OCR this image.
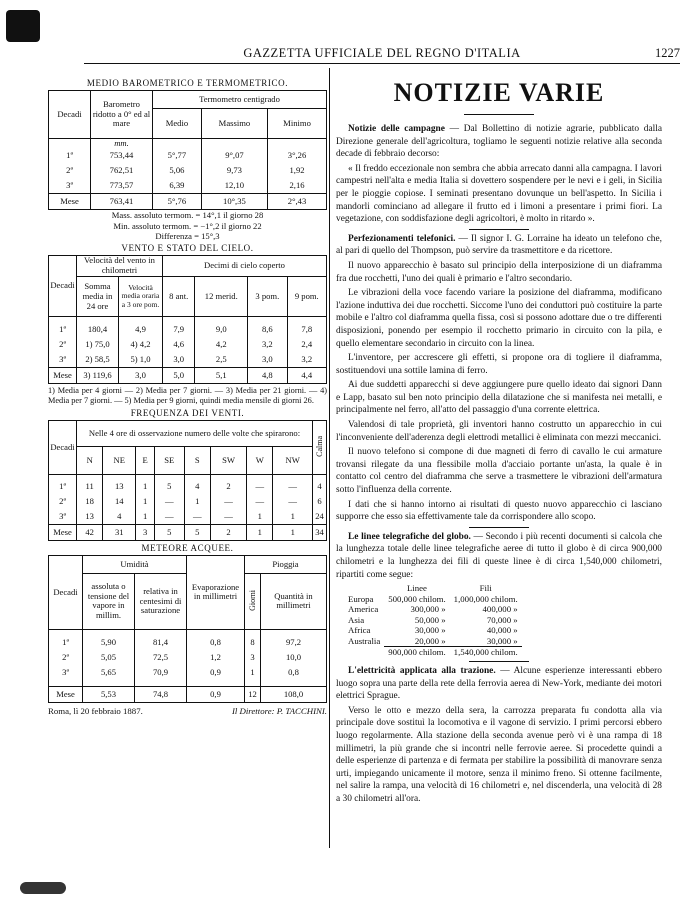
GAZZETTA UFFICIALE DEL REGNO D'ITALIA	1227
MEDIO BAROMETRICO E TERMOMETRICO.
Decadi	Barometro ridotto a 0° ed al mare	Termometro centigrado		
		Medio	Massimo	Minimo
	mm.			
1ª	753,44	5°,77	9°,07	3°,26
2ª	762,51	5,06	9,73	1,92
3ª	773,57	6,39	12,10	2,16
Mese	763,41	5°,76	10°,35	2°,43
Mass. assoluto termom. = 14°,1 il giorno 28
Min. assoluto termom. = −1°,2 il giorno 22
Differenza = 15°,3
VENTO E STATO DEL CIELO.
Decadi	Velocità del vento in chilometri		Decimi di cielo coperto			
	Somma media in 24 ore	Velocità media oraria a 3 ore pom.	8 ant.	12 merid.	3 pom.	9 pom.

1ª	180,4	4,9	7,9	9,0	8,6	7,8
2ª	1) 75,0	4) 4,2	4,6	4,2	3,2	2,4
3ª	2) 58,5	5) 1,0	3,0	2,5	3,0	3,2
Mese	3) 119,6	3,0	5,0	5,1	4,8	4,4
1) Media per 4 giorni — 2) Media per 7 giorni. — 3) Media per 21 giorni. — 4) Media per 7 giorni. — 5) Media per 9 giorni, quindi media mensile di giorni 26.
FREQUENZA DEI VENTI.
Decadi	Nelle 4 ore di osservazione numero delle volte che spirarono:								Calma
	N	NE	E	SE	S	SW	W	NW	

1ª	11	13	1	5	4	2	—	—	4
2ª	18	14	1	—	1	—	—	—	6
3ª	13	4	1	—	—	—	1	1	24
Mese	42	31	3	5	5	2	1	1	34
METEORE ACQUEE.
Decadi	Umidità		Evaporazione in millimetri	Pioggia	
	assoluta o tensione del vapore in millim.	relativa in centesimi di saturazione		Giorni	Quantità in millimetri

1ª	5,90	81,4	0,8	8	97,2
2ª	5,05	72,5	1,2	3	10,0
3ª	5,65	70,9	0,9	1	0,8

Mese	5,53	74,8	0,9	12	108,0
Roma, lì 20 febbraio 1887.	Il Direttore: P. TACCHINI.
NOTIZIE VARIE
Notizie delle campagne — Dal Bollettino di notizie agrarie, pubblicato dalla Direzione generale dell'agricoltura, togliamo le seguenti notizie relative alla seconda decade di febbraio decorso:
« Il freddo eccezionale non sembra che abbia arrecato danni alla campagna. I lavori campestri nell'alta e media Italia si dovettero sospendere per le nevi e i geli, in Sicilia per le pioggie copiose. I seminati presentano dovunque un bell'aspetto. In Sicilia i mandorli cominciano ad allegare il frutto ed i limoni a presentare i primi fiori. La vegetazione, con soddisfazione degli agricoltori, è molto in ritardo ».
Perfezionamenti telefonici. — Il signor I. G. Lorraine ha ideato un telefono che, al pari di quello del Thompson, può servire da trasmettitore e da ricettore.
Il nuovo apparecchio è basato sul principio della interposizione di un diaframma fra due rocchetti, l'uno dei quali è primario e l'altro secondario.
Le vibrazioni della voce facendo variare la posizione del diaframma, modificano l'azione induttiva dei due rocchetti. Siccome l'uno dei conduttori può costituire la parte mobile e l'altro col diaframma quella fissa, così si possono adottare due o tre differenti disposizioni, ponendo per esempio il rocchetto primario in circuito con la pila, e quello elementare secondario in circuito con la linea.
L'inventore, per accrescere gli effetti, si propone ora di togliere il diaframma, sostituendovi una sottile lamina di ferro.
Ai due suddetti apparecchi si deve aggiungere pure quello ideato dai signori Dann e Lapp, basato sul ben noto principio della dilatazione che si manifesta nei metalli, e principalmente nel ferro, all'atto del passaggio d'una corrente elettrica.
Valendosi di tale proprietà, gli inventori hanno costrutto un apparecchio in cui l'inconveniente dell'aderenza degli elettrodi metallici è eliminata con mezzi meccanici.
Il nuovo telefono si compone di due magneti di ferro di cavallo le cui armature trovansi rilegate da una flessibile molla d'acciaio portante un'asta, la quale è in contatto col centro del diaframma che serve a trasmettere le vibrazioni dell'armatura sotto l'influenza della corrente.
I dati che si hanno intorno ai risultati di questo nuovo apparecchio ci lasciano supporre che esso sia effettivamente tale da corrispondere allo scopo.
Le linee telegrafiche del globo. — Secondo i più recenti documenti si calcola che la lunghezza totale delle linee telegrafiche aeree di tutto il globo è di circa 900,000 chilometri e la lunghezza dei fili di queste linee è di circa 1,540,000 chilometri, ripartiti come segue:
	Linee	Fili
Europa	500,000 chilom.	1,000,000 chilom.
America	300,000 »	400,000 »
Asia	50,000 »	70,000 »
Africa	30,000 »	40,000 »
Australia	20,000 »	30,000 »
	900,000 chilom.	1,540,000 chilom.
L'elettricità applicata alla trazione. — Alcune esperienze interessanti ebbero luogo sopra una parte della rete della ferrovia aerea di New-York, mediante dei motori elettrici Sprague.
Verso le otto e mezzo della sera, la carrozza preparata fu condotta alla via principale dove sostituì la locomotiva e il vagone di servizio. I primi percorsi ebbero luogo regolarmente. Alla stazione della seconda avenue però vi è una rampa di 18 millimetri, la più grande che si incontri nelle ferrovie aeree. Si procedette quindi a delle esperienze di partenza e di fermata per stabilire la possibilità di manovrare senza urti, impiegando unicamente il motore, senza il minimo freno. Si ottenne facilmente, nel salire la rampa, una velocità di 16 chilometri e, nel discenderla, una velocità di 28 a 30 chilometri all'ora.
